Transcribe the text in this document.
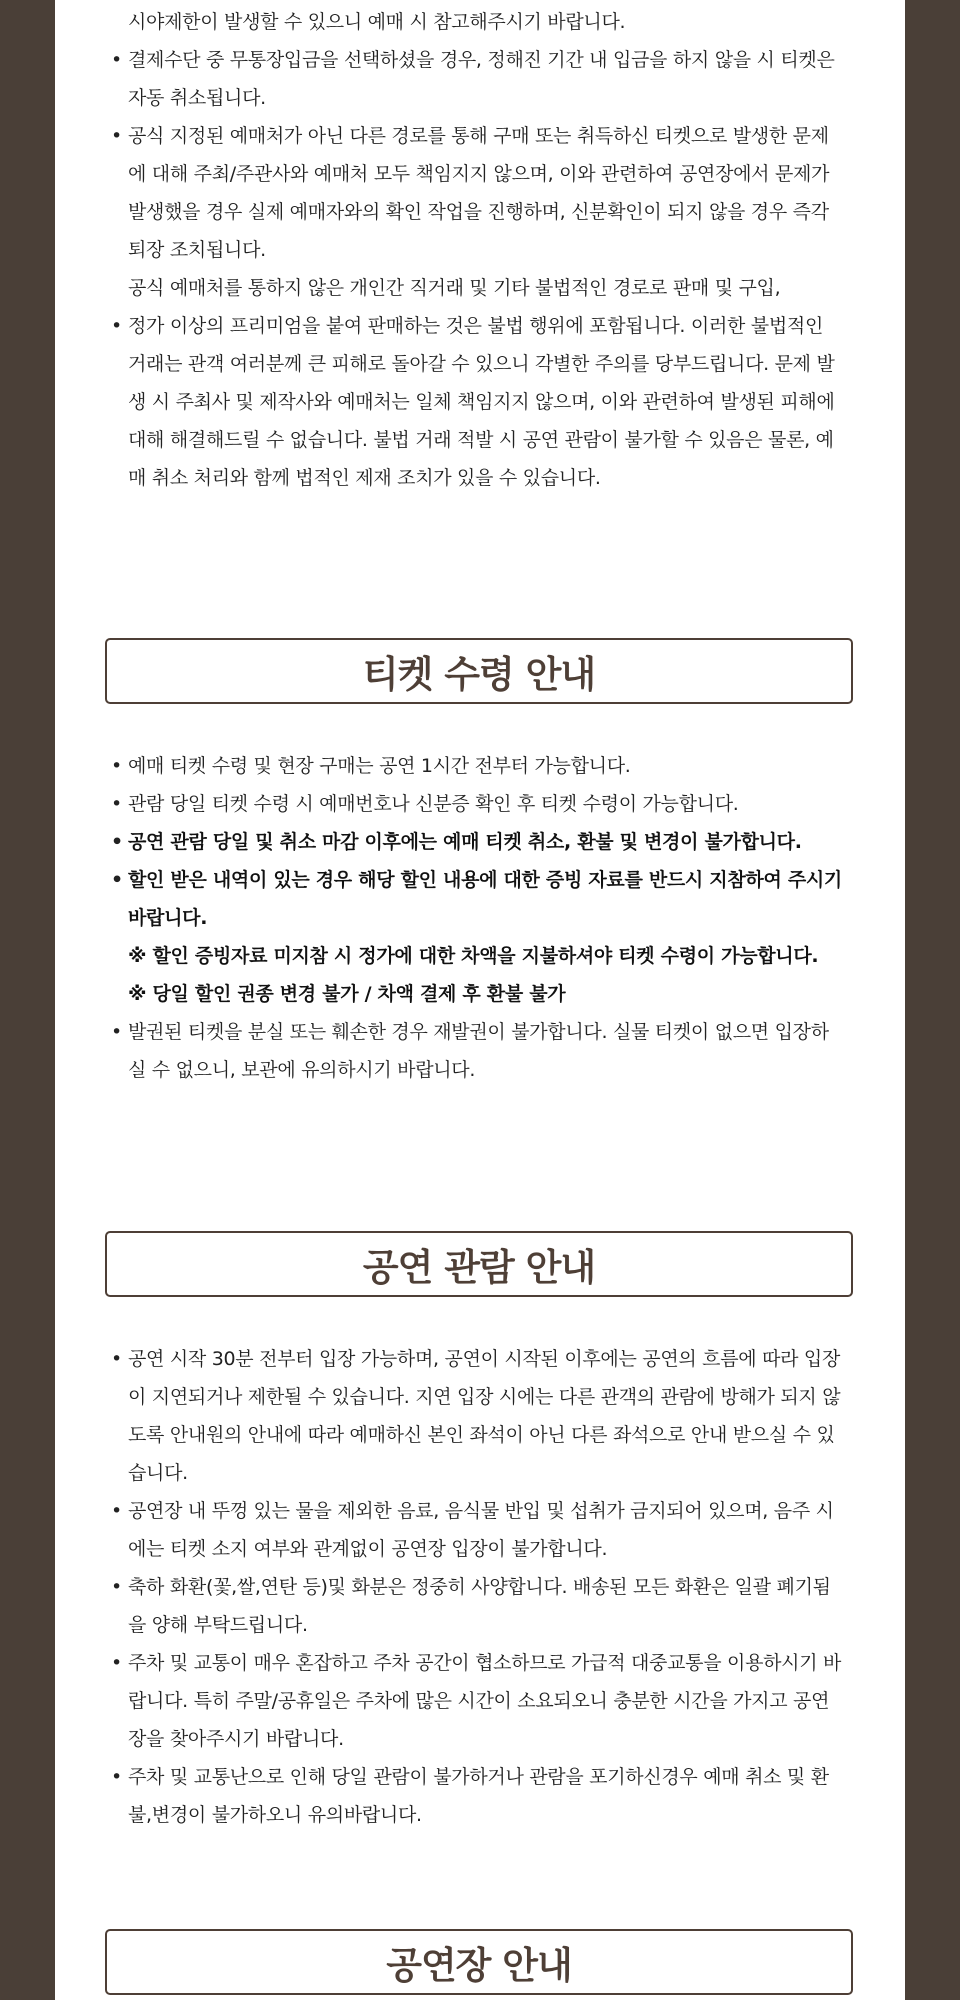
시야제한이 발생할 수 있으니 예매 시 참고해주시기 바랍니다.
• 결제수단 중 무통장입금을 선택하셨을 경우, 정해진 기간 내 입금을 하지 않을 시 티켓은 자동 취소됩니다.
• 공식 지정된 예매처가 아닌 다른 경로를 통해 구매 또는 취득하신 티켓으로 발생한 문제에 대해 주최/주관사와 예매처 모두 책임지지 않으며, 이와 관련하여 공연장에서 문제가 발생했을 경우 실제 예매자와의 확인 작업을 진행하며, 신분확인이 되지 않을 경우 즉각 퇴장 조치됩니다.
공식 예매처를 통하지 않은 개인간 직거래 및 기타 불법적인 경로로 판매 및 구입,
• 정가 이상의 프리미엄을 붙여 판매하는 것은 불법 행위에 포함됩니다. 이러한 불법적인 거래는 관객 여러분께 큰 피해로 돌아갈 수 있으니 각별한 주의를 당부드립니다. 문제 발생 시 주최사 및 제작사와 예매처는 일체 책임지지 않으며, 이와 관련하여 발생된 피해에 대해 해결해드릴 수 없습니다. 불법 거래 적발 시 공연 관람이 불가할 수 있음은 물론, 예매 취소 처리와 함께 법적인 제재 조치가 있을 수 있습니다.
티켓 수령 안내
• 예매 티켓 수령 및 현장 구매는 공연 1시간 전부터 가능합니다.
• 관람 당일 티켓 수령 시 예매번호나 신분증 확인 후 티켓 수령이 가능합니다.
• 공연 관람 당일 및 취소 마감 이후에는 예매 티켓 취소, 환불 및 변경이 불가합니다.
• 할인 받은 내역이 있는 경우 해당 할인 내용에 대한 증빙 자료를 반드시 지참하여 주시기 바랍니다.
※ 할인 증빙자료 미지참 시 정가에 대한 차액을 지불하셔야 티켓 수령이 가능합니다.
※ 당일 할인 권종 변경 불가 / 차액 결제 후 환불 불가
• 발권된 티켓을 분실 또는 훼손한 경우 재발권이 불가합니다. 실물 티켓이 없으면 입장하실 수 없으니, 보관에 유의하시기 바랍니다.
공연 관람 안내
• 공연 시작 30분 전부터 입장 가능하며, 공연이 시작된 이후에는 공연의 흐름에 따라 입장이 지연되거나 제한될 수 있습니다. 지연 입장 시에는 다른 관객의 관람에 방해가 되지 않도록 안내원의 안내에 따라 예매하신 본인 좌석이 아닌 다른 좌석으로 안내 받으실 수 있습니다.
• 공연장 내 뚜껑 있는 물을 제외한 음료, 음식물 반입 및 섭취가 금지되어 있으며, 음주 시에는 티켓 소지 여부와 관계없이 공연장 입장이 불가합니다.
• 축하 화환(꽃,쌀,연탄 등)및 화분은 정중히 사양합니다. 배송된 모든 화환은 일괄 폐기됨을 양해 부탁드립니다.
• 주차 및 교통이 매우 혼잡하고 주차 공간이 협소하므로 가급적 대중교통을 이용하시기 바랍니다. 특히 주말/공휴일은 주차에 많은 시간이 소요되오니 충분한 시간을 가지고 공연장을 찾아주시기 바랍니다.
• 주차 및 교통난으로 인해 당일 관람이 불가하거나 관람을 포기하신경우 예매 취소 및 환불,변경이 불가하오니 유의바랍니다.
공연장 안내
